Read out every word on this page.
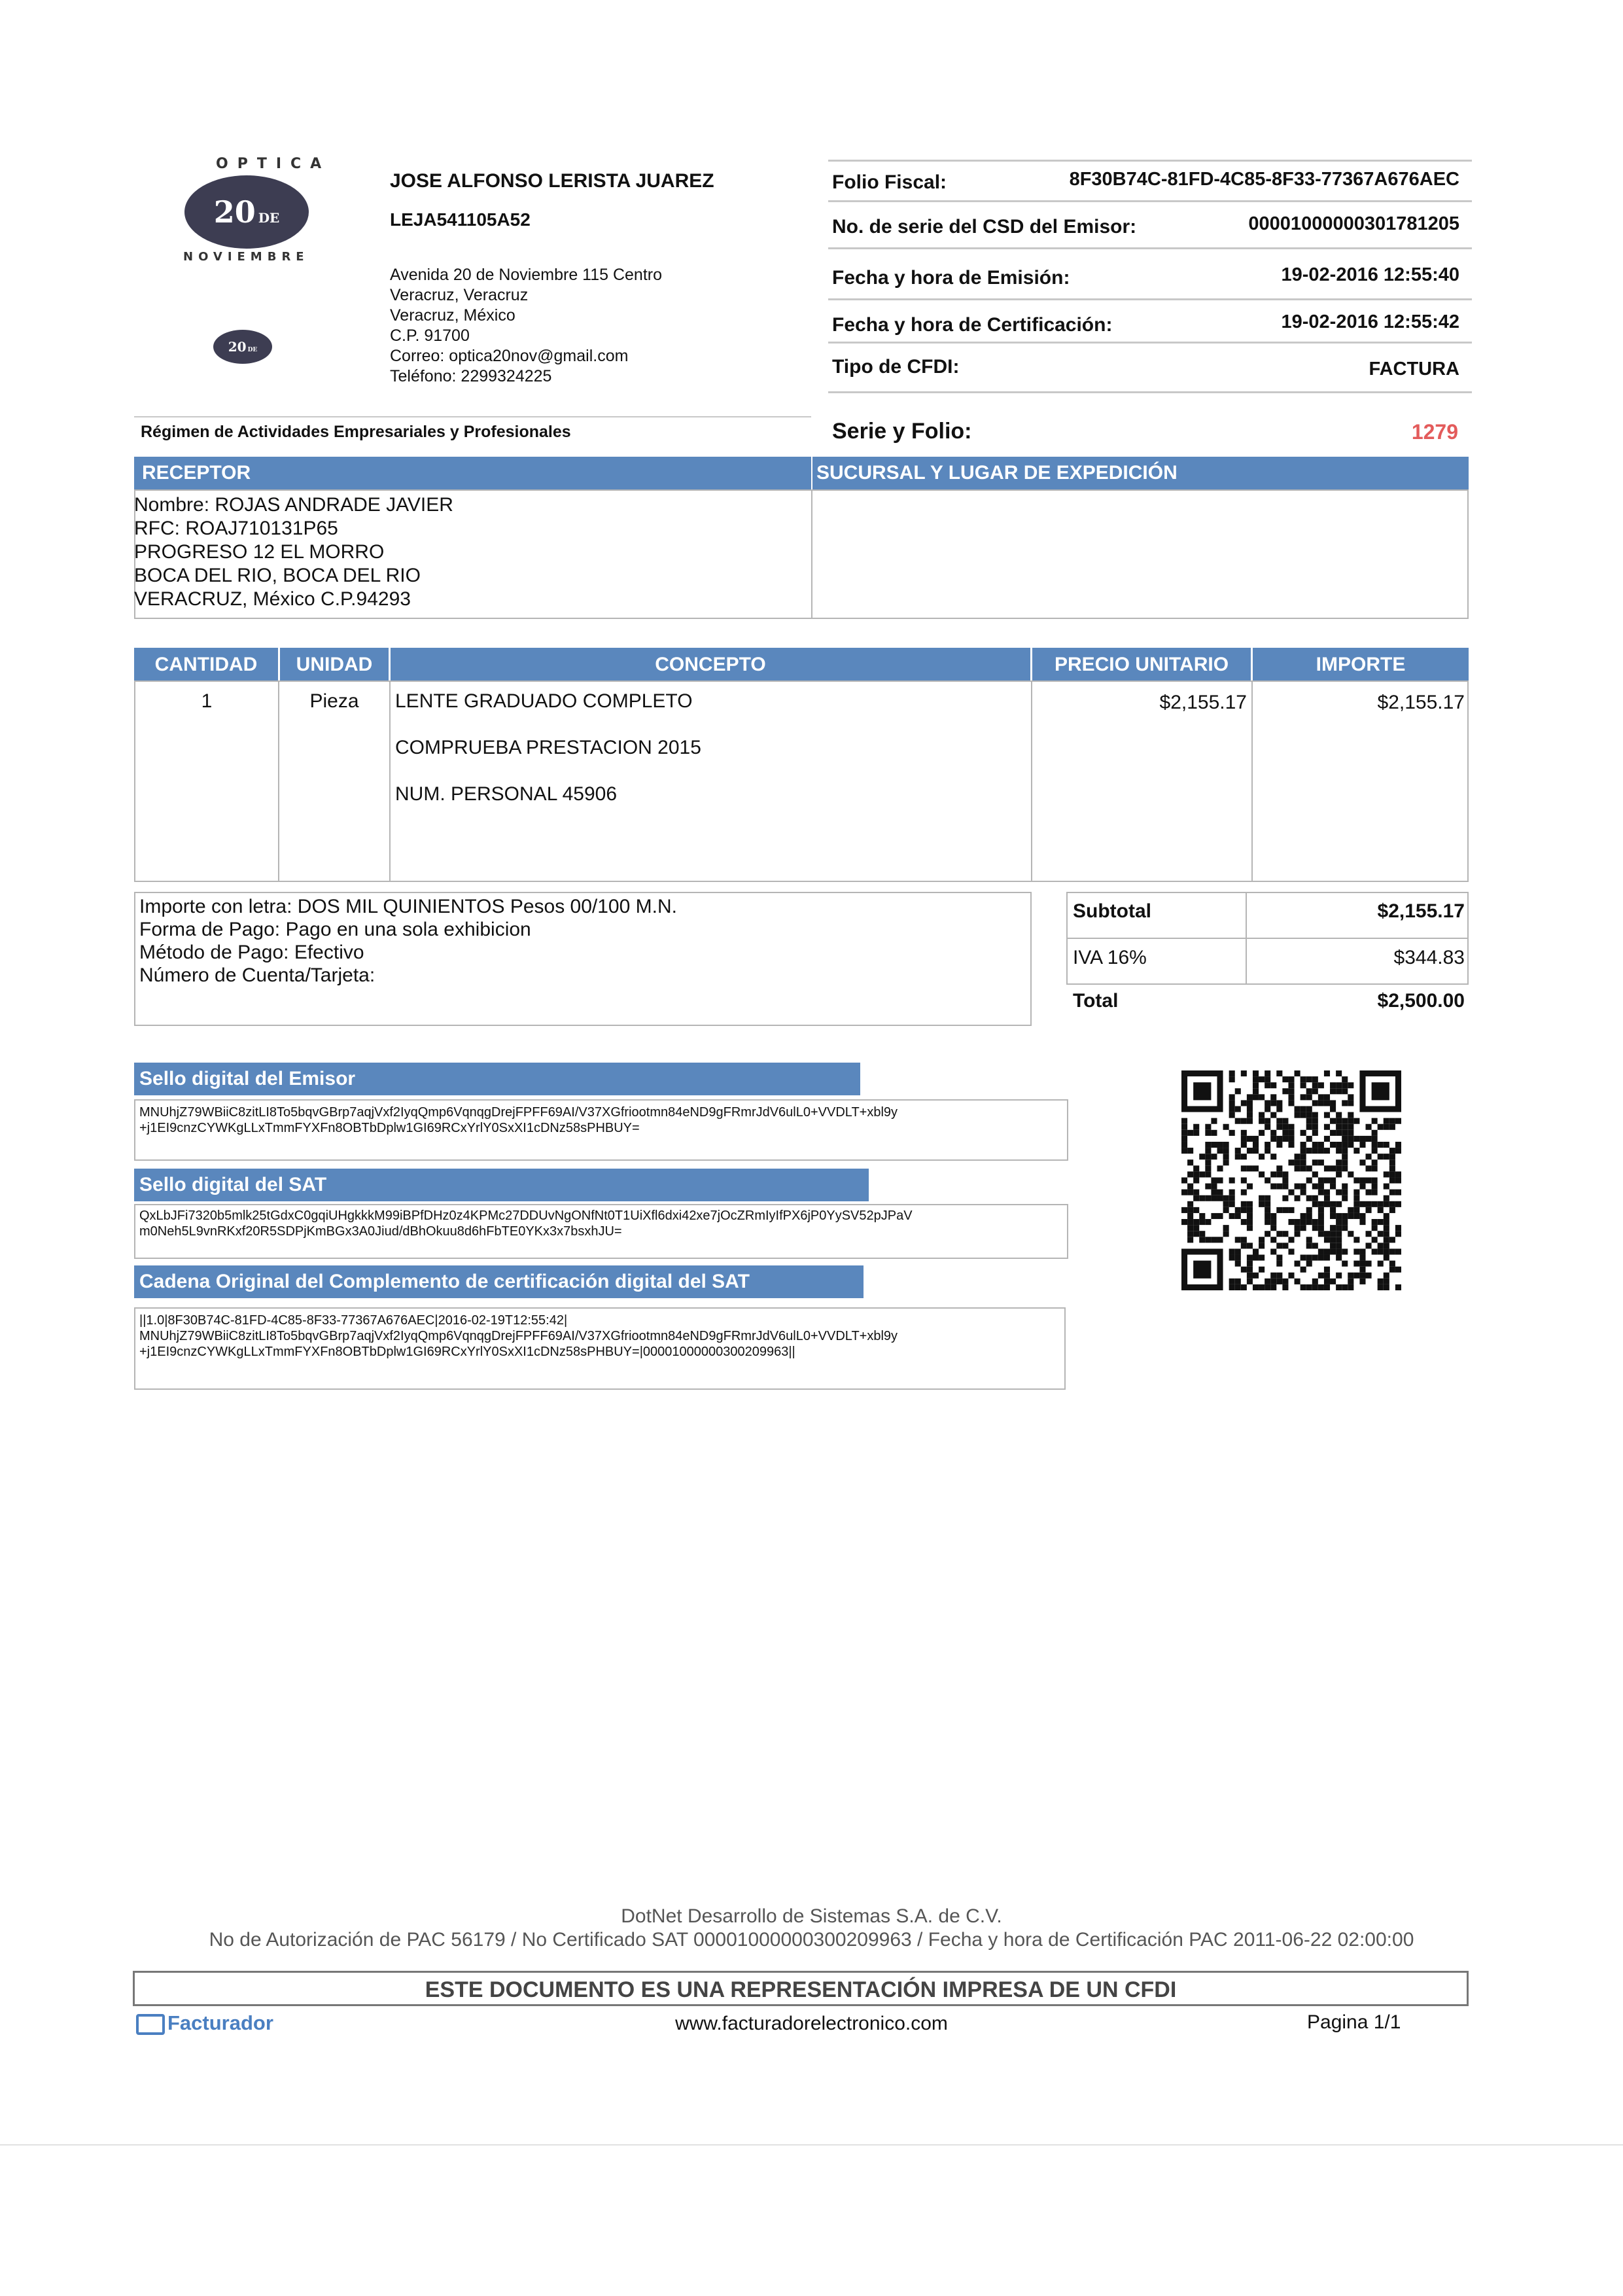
OPTICA
20 DE
NOVIEMBRE
20 DE
JOSE ALFONSO LERISTA JUAREZ
LEJA541105A52
Avenida 20 de Noviembre 115 Centro
Veracruz, Veracruz
Veracruz, México
C.P. 91700
Correo: optica20nov@gmail.com
Teléfono: 2299324225
Régimen de Actividades Empresariales y Profesionales
Folio Fiscal:	8F30B74C-81FD-4C85-8F33-77367A676AEC
No. de serie del CSD del Emisor:	00001000000301781205
Fecha y hora de Emisión:	19-02-2016 12:55:40
Fecha y hora de Certificación:	19-02-2016 12:55:42
Tipo de CFDI:	FACTURA
Serie y Folio:	1279
RECEPTOR	SUCURSAL Y LUGAR DE EXPEDICIÓN
Nombre: ROJAS ANDRADE JAVIER
RFC: ROAJ710131P65
PROGRESO 12 EL MORRO
BOCA DEL RIO, BOCA DEL RIO
VERACRUZ, México C.P.94293
CANTIDAD	UNIDAD	CONCEPTO	PRECIO UNITARIO	IMPORTE
1	Pieza	LENTE GRADUADO COMPLETO
COMPRUEBA PRESTACION 2015
NUM. PERSONAL 45906
$2,155.17	$2,155.17
Importe con letra: DOS MIL QUINIENTOS Pesos 00/100 M.N.
Forma de Pago: Pago en una sola exhibicion
Método de Pago: Efectivo
Número de Cuenta/Tarjeta:
Subtotal	$2,155.17
IVA 16%	$344.83
Total	$2,500.00
Sello digital del Emisor
MNUhjZ79WBiiC8zitLI8To5bqvGBrp7aqjVxf2IyqQmp6VqnqgDrejFPFF69AI/V37XGfriootmn84eND9gFRmrJdV6ulL0+VVDLT+xbl9y
+j1EI9cnzCYWKgLLxTmmFYXFn8OBTbDplw1GI69RCxYrlY0SxXI1cDNz58sPHBUY=
Sello digital del SAT
QxLbJFi7320b5mlk25tGdxC0gqiUHgkkkM99iBPfDHz0z4KPMc27DDUvNgONfNt0T1UiXfl6dxi42xe7jOcZRmIyIfPX6jP0YySV52pJPaV
m0Neh5L9vnRKxf20R5SDPjKmBGx3A0Jiud/dBhOkuu8d6hFbTE0YKx3x7bsxhJU=
Cadena Original del Complemento de certificación digital del SAT
||1.0|8F30B74C-81FD-4C85-8F33-77367A676AEC|2016-02-19T12:55:42|
MNUhjZ79WBiiC8zitLI8To5bqvGBrp7aqjVxf2IyqQmp6VqnqgDrejFPFF69AI/V37XGfriootmn84eND9gFRmrJdV6ulL0+VVDLT+xbl9y
+j1EI9cnzCYWKgLLxTmmFYXFn8OBTbDplw1GI69RCxYrlY0SxXI1cDNz58sPHBUY=|00001000000300209963||
DotNet Desarrollo de Sistemas S.A. de C.V.
No de Autorización de PAC 56179 / No Certificado SAT 00001000000300209963 / Fecha y hora de Certificación PAC 2011-06-22 02:00:00
ESTE DOCUMENTO ES UNA REPRESENTACIÓN IMPRESA DE UN CFDI
Facturador	www.facturadorelectronico.com	Pagina 1/1
